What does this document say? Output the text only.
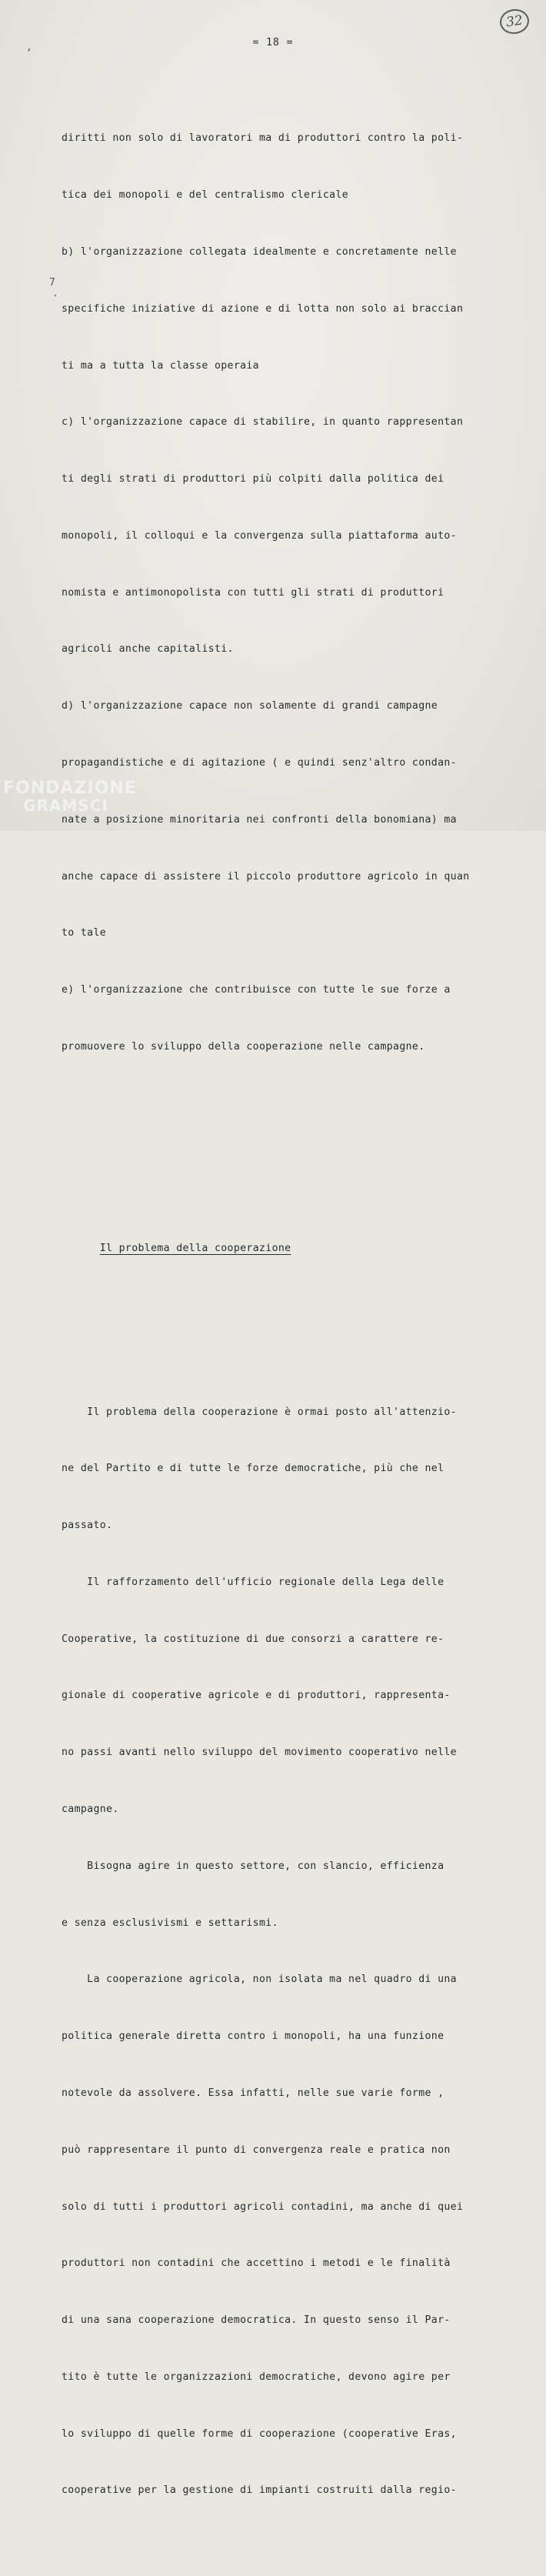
32
= 18 =
,
7
.

diritti non solo di lavoratori ma di produttori contro la poli-

tica dei monopoli e del centralismo clericale

b) l'organizzazione collegata idealmente e concretamente nelle

specifiche iniziative di azione e di lotta non solo ai braccian

ti ma a tutta la classe operaia

c) l'organizzazione capace di stabilire, in quanto rappresentan

ti degli strati di produttori più colpiti dalla politica dei

monopoli, il colloqui e la convergenza sulla piattaforma auto-

nomista e antimonopolista con tutti gli strati di produttori

agricoli anche capitalisti.

d) l'organizzazione capace non solamente di grandi campagne

propagandistiche e di agitazione ( e quindi senz'altro condan-

nate a posizione minoritaria nei confronti della bonomiana) ma

anche capace di assistere il piccolo produttore agricolo in quan

to tale

e) l'organizzazione che contribuisce con tutte le sue forze a

promuovere lo sviluppo della cooperazione nelle campagne.

Il problema della cooperazione

Il problema della cooperazione è ormai posto all'attenzio-

ne del Partito e di tutte le forze democratiche, più che nel

passato.

Il rafforzamento dell'ufficio regionale della Lega delle

Cooperative, la costituzione di due consorzi a carattere re-

gionale di cooperative agricole e di produttori, rappresenta-

no passi avanti nello sviluppo del movimento cooperativo nelle

campagne.

Bisogna agire in questo settore, con slancio, efficienza

e senza esclusivismi e settarismi.

La cooperazione agricola, non isolata ma nel quadro di una

politica generale diretta contro i monopoli, ha una funzione

notevole da assolvere. Essa infatti, nelle sue varie forme ,

può rappresentare il punto di convergenza reale e pratica non

solo di tutti i produttori agricoli contadini, ma anche di quei

produttori non contadini che accettino i metodi e le finalità

di una sana cooperazione democratica. In questo senso il Par-

tito è tutte le organizzazioni democratiche, devono agire per

lo sviluppo di quelle forme di cooperazione (cooperative Eras,

cooperative per la gestione di impianti costruiti dalla regio-

FONDAZIONE
GRAMSCI
